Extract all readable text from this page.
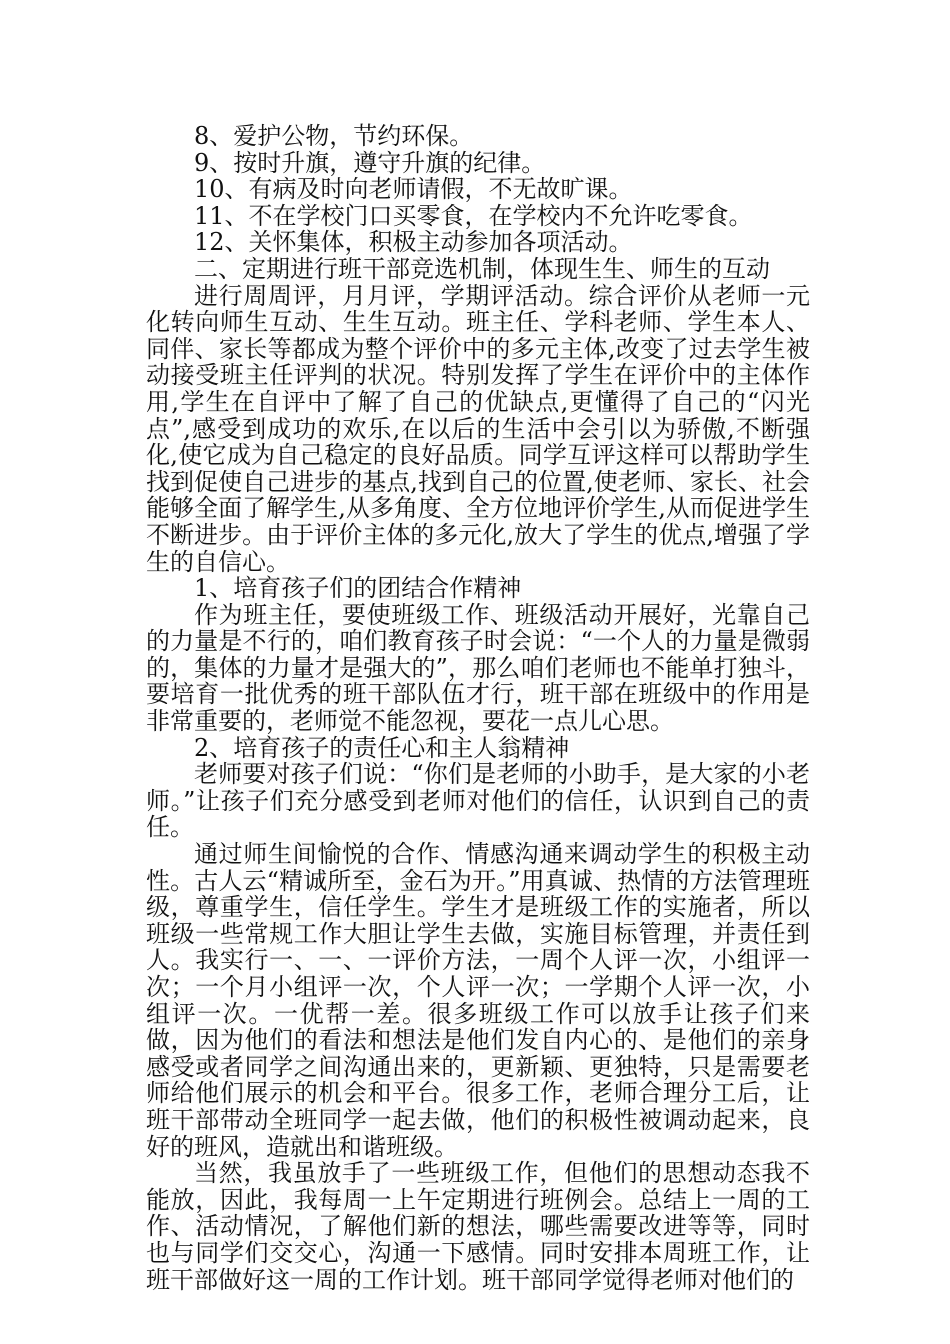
8、爱护公物，节约环保。

9、按时升旗，遵守升旗的纪律。

10、有病及时向老师请假，不无故旷课。

11、不在学校门口买零食，在学校内不允许吃零食。

12、关怀集体，积极主动参加各项活动。

二、定期进行班干部竞选机制，体现生生、师生的互动

进行周周评，月月评，学期评活动。综合评价从老师一元化转向师生互动、生生互动。班主任、学科老师、学生本人、同伴、家长等都成为整个评价中的多元主体,改变了过去学生被动接受班主任评判的状况。特别发挥了学生在评价中的主体作用,学生在自评中了解了自己的优缺点,更懂得了自己的“闪光点”,感受到成功的欢乐,在以后的生活中会引以为骄傲,不断强化,使它成为自己稳定的良好品质。同学互评这样可以帮助学生找到促使自己进步的基点,找到自己的位置,使老师、家长、社会能够全面了解学生,从多角度、全方位地评价学生,从而促进学生不断进步。由于评价主体的多元化,放大了学生的优点,增强了学生的自信心。

1、培育孩子们的团结合作精神

作为班主任，要使班级工作、班级活动开展好，光靠自己的力量是不行的，咱们教育孩子时会说：“一个人的力量是微弱的，集体的力量才是强大的”，那么咱们老师也不能单打独斗，要培育一批优秀的班干部队伍才行，班干部在班级中的作用是非常重要的，老师觉不能忽视，要花一点儿心思。

2、培育孩子的责任心和主人翁精神

老师要对孩子们说：“你们是老师的小助手，是大家的小老师。”让孩子们充分感受到老师对他们的信任，认识到自己的责任。

通过师生间愉悦的合作、情感沟通来调动学生的积极主动性。古人云“精诚所至，金石为开。”用真诚、热情的方法管理班级，尊重学生，信任学生。学生才是班级工作的实施者，所以班级一些常规工作大胆让学生去做，实施目标管理，并责任到人。我实行一、一、一评价方法，一周个人评一次，小组评一次；一个月小组评一次，个人评一次；一学期个人评一次，小组评一次。一优帮一差。很多班级工作可以放手让孩子们来做，因为他们的看法和想法是他们发自内心的、是他们的亲身感受或者同学之间沟通出来的，更新颖、更独特，只是需要老师给他们展示的机会和平台。很多工作，老师合理分工后，让班干部带动全班同学一起去做，他们的积极性被调动起来，良好的班风，造就出和谐班级。

当然，我虽放手了一些班级工作，但他们的思想动态我不能放，因此，我每周一上午定期进行班例会。总结上一周的工作、活动情况，了解他们新的想法，哪些需要改进等等，同时也与同学们交交心，沟通一下感情。同时安排本周班工作，让班干部做好这一周的工作计划。班干部同学觉得老师对他们的
